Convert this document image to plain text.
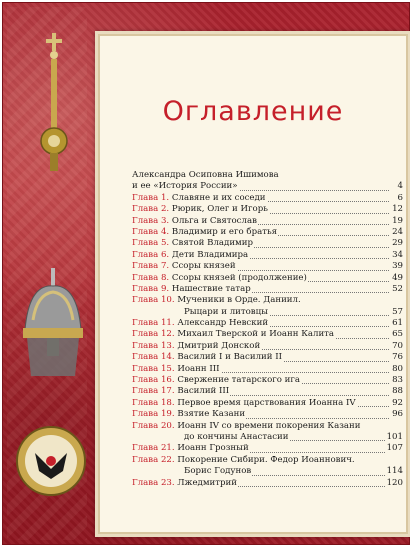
Оглавление
Александра Осиповна Ишимова
и ее «История России»	4
Глава 1. Славяне и их соседи	6
Глава 2. Рюрик, Олег и Игорь	12
Глава 3. Ольга и Святослав	19
Глава 4. Владимир и его братья	24
Глава 5. Святой Владимир	29
Глава 6. Дети Владимира	34
Глава 7. Ссоры князей	39
Глава 8. Ссоры князей (продолжение)	49
Глава 9. Нашествие татар	52
Глава 10. Мученики в Орде. Даниил.
Рыцари и литовцы	57
Глава 11. Александр Невский	61
Глава 12. Михаил Тверской и Иоанн Калита	65
Глава 13. Дмитрий Донской	70
Глава 14. Василий I и Василий II	76
Глава 15. Иоанн III	80
Глава 16. Свержение татарского ига	83
Глава 17. Василий III	88
Глава 18. Первое время царствования Иоанна IV	92
Глава 19. Взятие Казани	96
Глава 20. Иоанн IV со времени покорения Казани
до кончины Анастасии	101
Глава 21. Иоанн Грозный	107
Глава 22. Покорение Сибири. Федор Иоаннович.
Борис Годунов	114
Глава 23. Лжедмитрий	120
